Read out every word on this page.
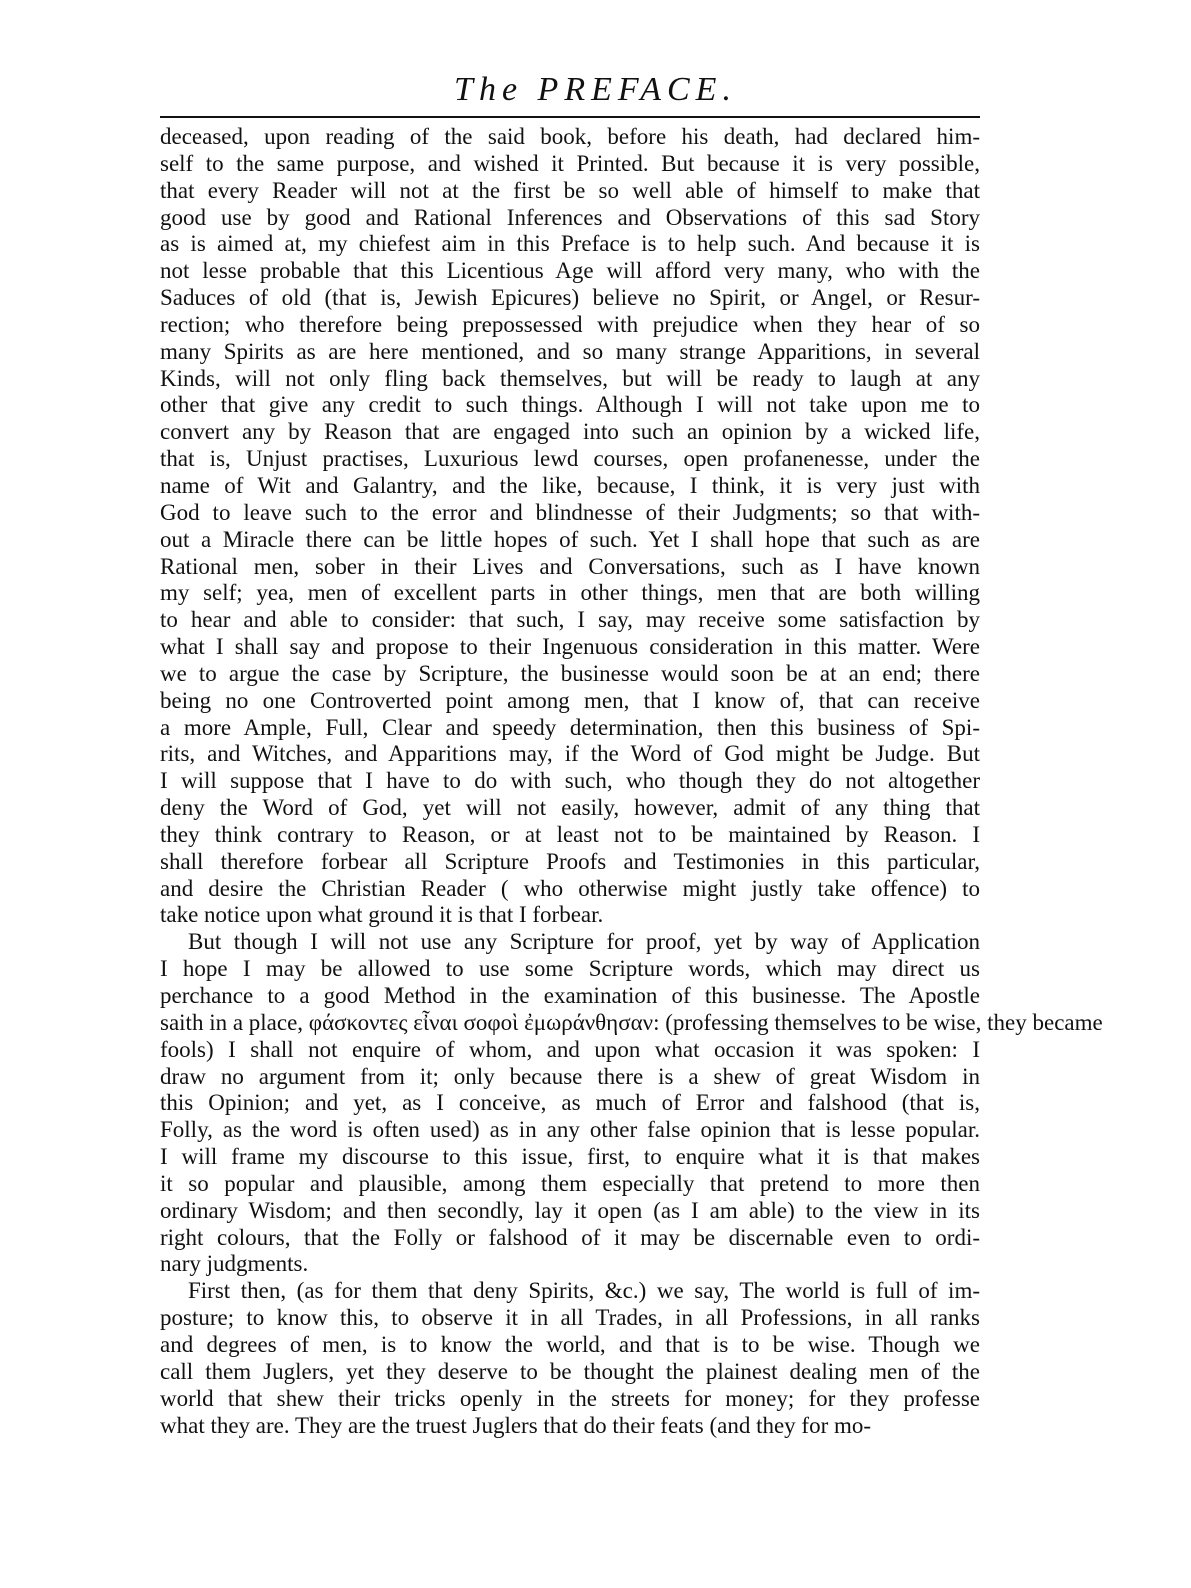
The PREFACE.
deceased, upon reading of the said book, before his death, had declared him-
self to the same purpose, and wished it Printed. But because it is very possible,
that every Reader will not at the first be so well able of himself to make that
good use by good and Rational Inferences and Observations of this sad Story
as is aimed at, my chiefest aim in this Preface is to help such. And because it is
not lesse probable that this Licentious Age will afford very many, who with the
Saduces of old (that is, Jewish Epicures) believe no Spirit, or Angel, or Resur-
rection; who therefore being prepossessed with prejudice when they hear of so
many Spirits as are here mentioned, and so many strange Apparitions, in several
Kinds, will not only fling back themselves, but will be ready to laugh at any
other that give any credit to such things. Although I will not take upon me to
convert any by Reason that are engaged into such an opinion by a wicked life,
that is, Unjust practises, Luxurious lewd courses, open profanenesse, under the
name of Wit and Galantry, and the like, because, I think, it is very just with
God to leave such to the error and blindnesse of their Judgments; so that with-
out a Miracle there can be little hopes of such. Yet I shall hope that such as are
Rational men, sober in their Lives and Conversations, such as I have known
my self; yea, men of excellent parts in other things, men that are both willing
to hear and able to consider: that such, I say, may receive some satisfaction by
what I shall say and propose to their Ingenuous consideration in this matter. Were
we to argue the case by Scripture, the businesse would soon be at an end; there
being no one Controverted point among men, that I know of, that can receive
a more Ample, Full, Clear and speedy determination, then this business of Spi-
rits, and Witches, and Apparitions may, if the Word of God might be Judge. But
I will suppose that I have to do with such, who though they do not altogether
deny the Word of God, yet will not easily, however, admit of any thing that
they think contrary to Reason, or at least not to be maintained by Reason. I
shall therefore forbear all Scripture Proofs and Testimonies in this particular,
and desire the Christian Reader ( who otherwise might justly take offence) to
take notice upon what ground it is that I forbear.
But though I will not use any Scripture for proof, yet by way of Application
I hope I may be allowed to use some Scripture words, which may direct us
perchance to a good Method in the examination of this businesse. The Apostle
saith in a place, φάσκοντες εἶναι σοφοὶ ἐμωράνθησαν: (professing themselves to be wise, they became
fools) I shall not enquire of whom, and upon what occasion it was spoken: I
draw no argument from it; only because there is a shew of great Wisdom in
this Opinion; and yet, as I conceive, as much of Error and falshood (that is,
Folly, as the word is often used) as in any other false opinion that is lesse popular.
I will frame my discourse to this issue, first, to enquire what it is that makes
it so popular and plausible, among them especially that pretend to more then
ordinary Wisdom; and then secondly, lay it open (as I am able) to the view in its
right colours, that the Folly or falshood of it may be discernable even to ordi-
nary judgments.
First then, (as for them that deny Spirits, &c.) we say, The world is full of im-
posture; to know this, to observe it in all Trades, in all Professions, in all ranks
and degrees of men, is to know the world, and that is to be wise. Though we
call them Juglers, yet they deserve to be thought the plainest dealing men of the
world that shew their tricks openly in the streets for money; for they professe
what they are. They are the truest Juglers that do their feats (and they for mo-
